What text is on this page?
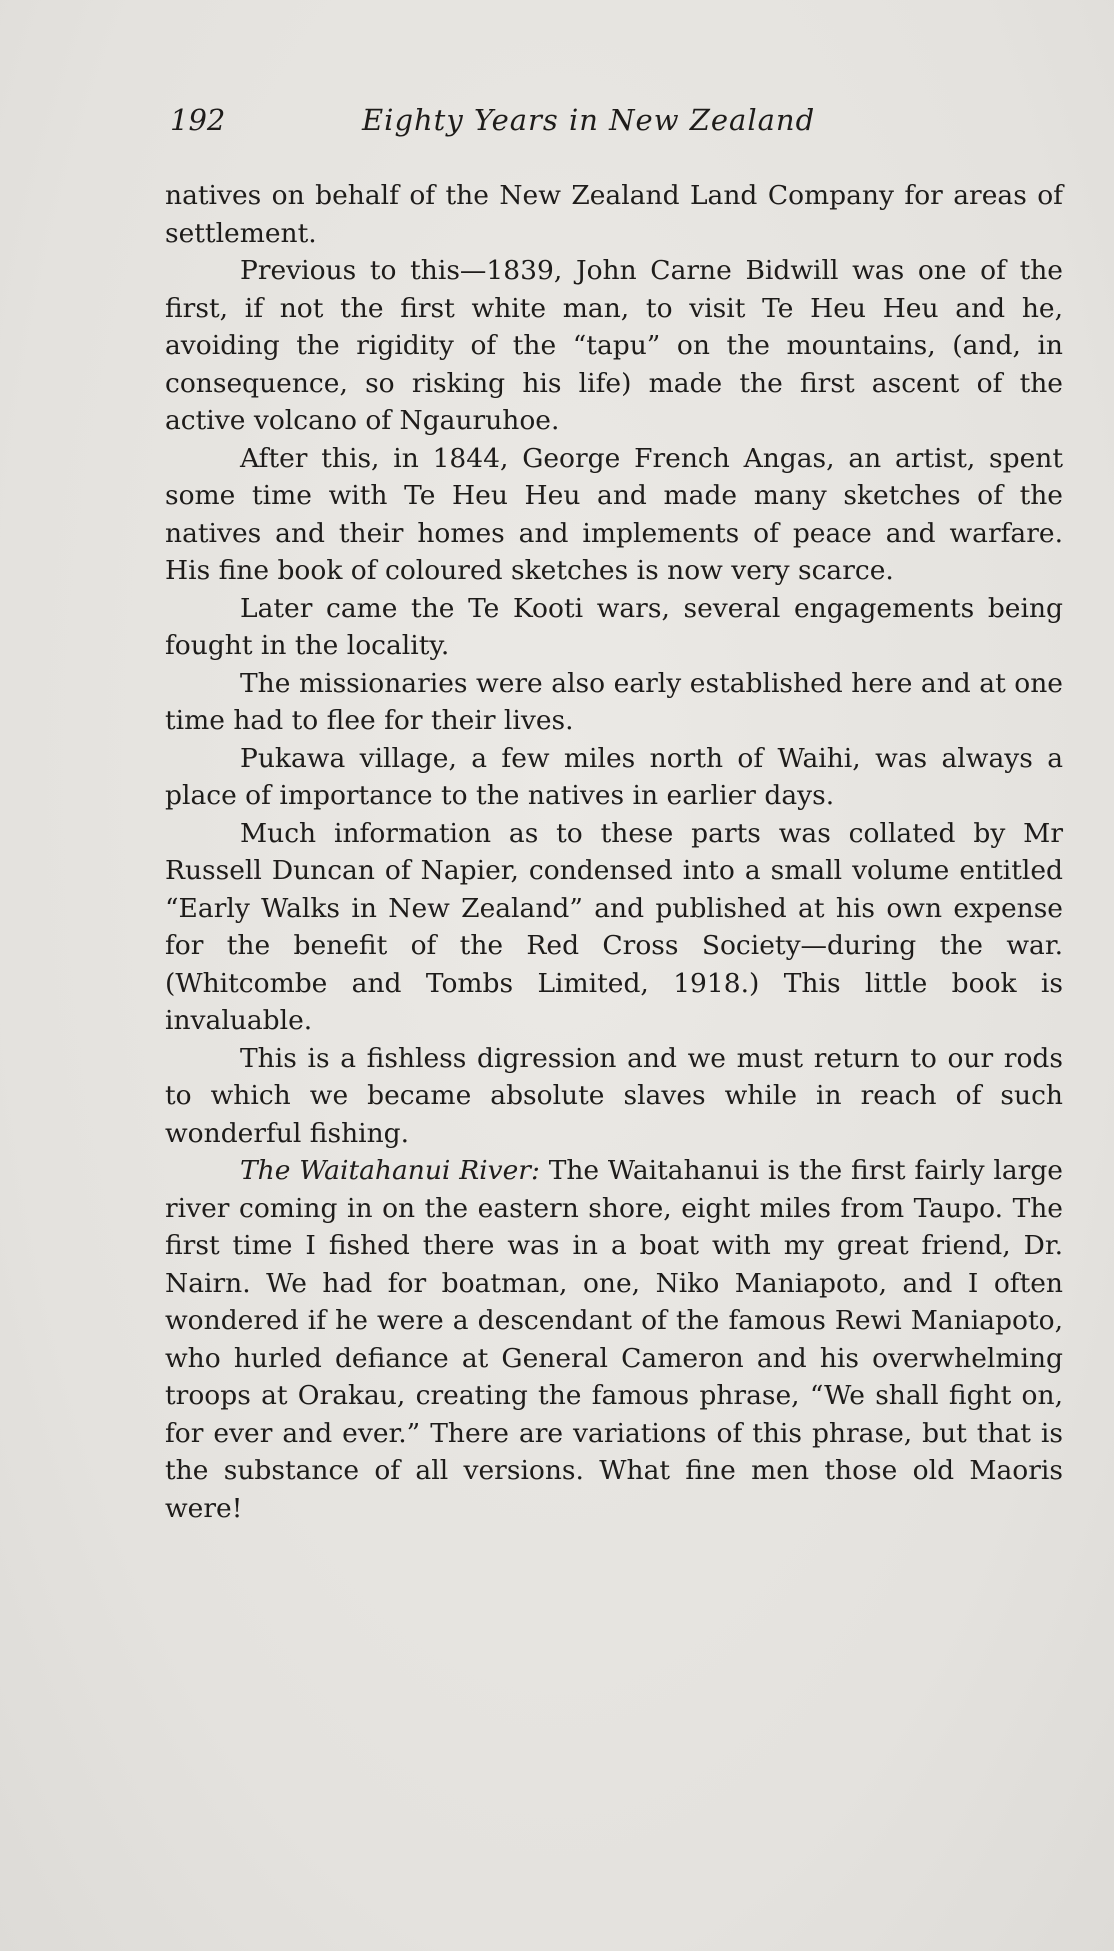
192	Eighty Years in New Zealand

natives on behalf of the New Zealand Land Company for areas of settlement.

Previous to this—1839, John Carne Bidwill was one of the first, if not the first white man, to visit Te Heu Heu and he, avoiding the rigidity of the “tapu” on the mountains, (and, in consequence, so risking his life) made the first ascent of the active volcano of Ngauruhoe.

After this, in 1844, George French Angas, an artist, spent some time with Te Heu Heu and made many sketches of the natives and their homes and implements of peace and warfare. His fine book of coloured sketches is now very scarce.

Later came the Te Kooti wars, several engagements being fought in the locality.

The missionaries were also early established here and at one time had to flee for their lives.

Pukawa village, a few miles north of Waihi, was always a place of importance to the natives in earlier days.

Much information as to these parts was collated by Mr Russell Duncan of Napier, condensed into a small volume entitled “Early Walks in New Zealand” and published at his own expense for the benefit of the Red Cross Society—during the war. (Whitcombe and Tombs Limited, 1918.) This little book is invaluable.

This is a fishless digression and we must return to our rods to which we became absolute slaves while in reach of such wonderful fishing.

The Waitahanui River: The Waitahanui is the first fairly large river coming in on the eastern shore, eight miles from Taupo. The first time I fished there was in a boat with my great friend, Dr. Nairn. We had for boatman, one, Niko Maniapoto, and I often wondered if he were a descendant of the famous Rewi Maniapoto, who hurled defiance at General Cameron and his overwhelming troops at Orakau, creating the famous phrase, “We shall fight on, for ever and ever.” There are variations of this phrase, but that is the substance of all versions. What fine men those old Maoris were!
